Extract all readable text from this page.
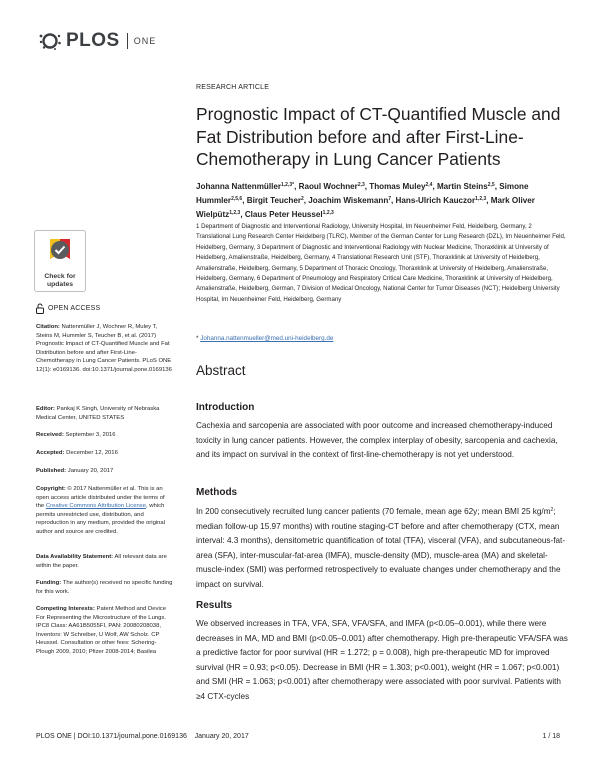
PLOS ONE
RESEARCH ARTICLE
Prognostic Impact of CT-Quantified Muscle and Fat Distribution before and after First-Line-Chemotherapy in Lung Cancer Patients
Johanna Nattenmüller$^{1,2,3*}$, Raoul Wochner$^{2,3}$, Thomas Muley$^{2,4}$, Martin Steins$^{2,5}$, Simone Hummler$^{2,5,6}$, Birgit Teucher$^2$, Joachim Wiskemann$^7$, Hans-Ulrich Kauczor$^{1,2,3}$, Mark Oliver Wielpütz$^{1,2,3}$, Claus Peter Heussel$^{1,2,3}$
1 Department of Diagnostic and Interventional Radiology, University Hospital, Im Neuenheimer Feld, Heidelberg, Germany, 2 Translational Lung Research Center Heidelberg (TLRC), Member of the German Center for Lung Research (DZL), Im Neuenheimer Feld, Heidelberg, Germany, 3 Department of Diagnostic and Interventional Radiology with Nuclear Medicine, Thoraxklinik at University of Heidelberg, Amalienstraße, Heidelberg, Germany, 4 Translational Research Unit (STF), Thoraxklinik at University of Heidelberg, Amalienstraße, Heidelberg, Germany, 5 Department of Thoracic Oncology, Thoraxklinik at University of Heidelberg, Amalienstraße, Heidelberg, Germany, 6 Department of Pneumology and Respiratory Critical Care Medicine, Thoraxklinik at University of Heidelberg, Amalienstraße, Heidelberg, German, 7 Division of Medical Oncology, National Center for Tumor Diseases (NCT); Heidelberg University Hospital, Im Neuenheimer Feld, Heidelberg, Germany
* Johanna.nattenmueller@med.uni-heidelberg.de
Abstract
Introduction

Cachexia and sarcopenia are associated with poor outcome and increased chemotherapy-induced toxicity in lung cancer patients. However, the complex interplay of obesity, sarcopenia and cachexia, and its impact on survival in the context of first-line-chemotherapy is not yet understood.

Methods

In 200 consecutively recruited lung cancer patients (70 female, mean age 62y; mean BMI 25 $kg/m^2$; median follow-up 15.97 months) with routine staging-CT before and after chemotherapy (CTX, mean interval: 4.3 months), densitometric quantification of total (TFA), visceral (VFA), and subcutaneous-fat-area (SFA), inter-muscular-fat-area (IMFA), muscle-density (MD), muscle-area (MA) and skeletal-muscle-index (SMI) was performed retrospectively to evaluate changes under chemotherapy and the impact on survival.

Results

We observed increases in TFA, VFA, SFA, VFA/SFA, and IMFA (p<0.05–0.001), while there were decreases in MA, MD and BMI (p<0.05–0.001) after chemotherapy. High pre-therapeutic VFA/SFA was a predictive factor for poor survival (HR = 1.272; p = 0.008), high pre-therapeutic MD for improved survival (HR = 0.93; p<0.05). Decrease in BMI (HR = 1.303; p<0.001), weight (HR = 1.067; p<0.001) and SMI (HR = 1.063; p<0.001) after chemotherapy were associated with poor survival. Patients with ≥4 CTX-cycles

Check for
updates
OPEN ACCESS
Citation: Nattenmüller J, Wochner R, Muley T, Steins M, Hummler S, Teucher B, et al. (2017) Prognostic Impact of CT-Quantified Muscle and Fat Distribution before and after First-Line-Chemotherapy in Lung Cancer Patients. PLoS ONE 12(1): e0169136. doi:10.1371/journal.pone.0169136
Editor: Pankaj K Singh, University of Nebraska Medical Center, UNITED STATES
Received: September 3, 2016
Accepted: December 12, 2016
Published: January 20, 2017
Copyright: © 2017 Nattenmüller et al. This is an open access article distributed under the terms of the Creative Commons Attribution License, which permits unrestricted use, distribution, and reproduction in any medium, provided the original author and source are credited.
Data Availability Statement: All relevant data are within the paper.
Funding: The author(s) received no specific funding for this work.
Competing Interests: Patent Method and Device For Representing the Microstructure of the Lungs. IPC8 Class: AA61B5055FI, PAN: 20080208038, Inventors: W Schreiber, U Wolf, AW Scholz. CP Heussel. Consultation or other fees: Schering-Plough 2009, 2010; Pfizer 2008-2014; Basilea
PLOS ONE | DOI:10.1371/journal.pone.0169136    January 20, 2017	1 / 18
